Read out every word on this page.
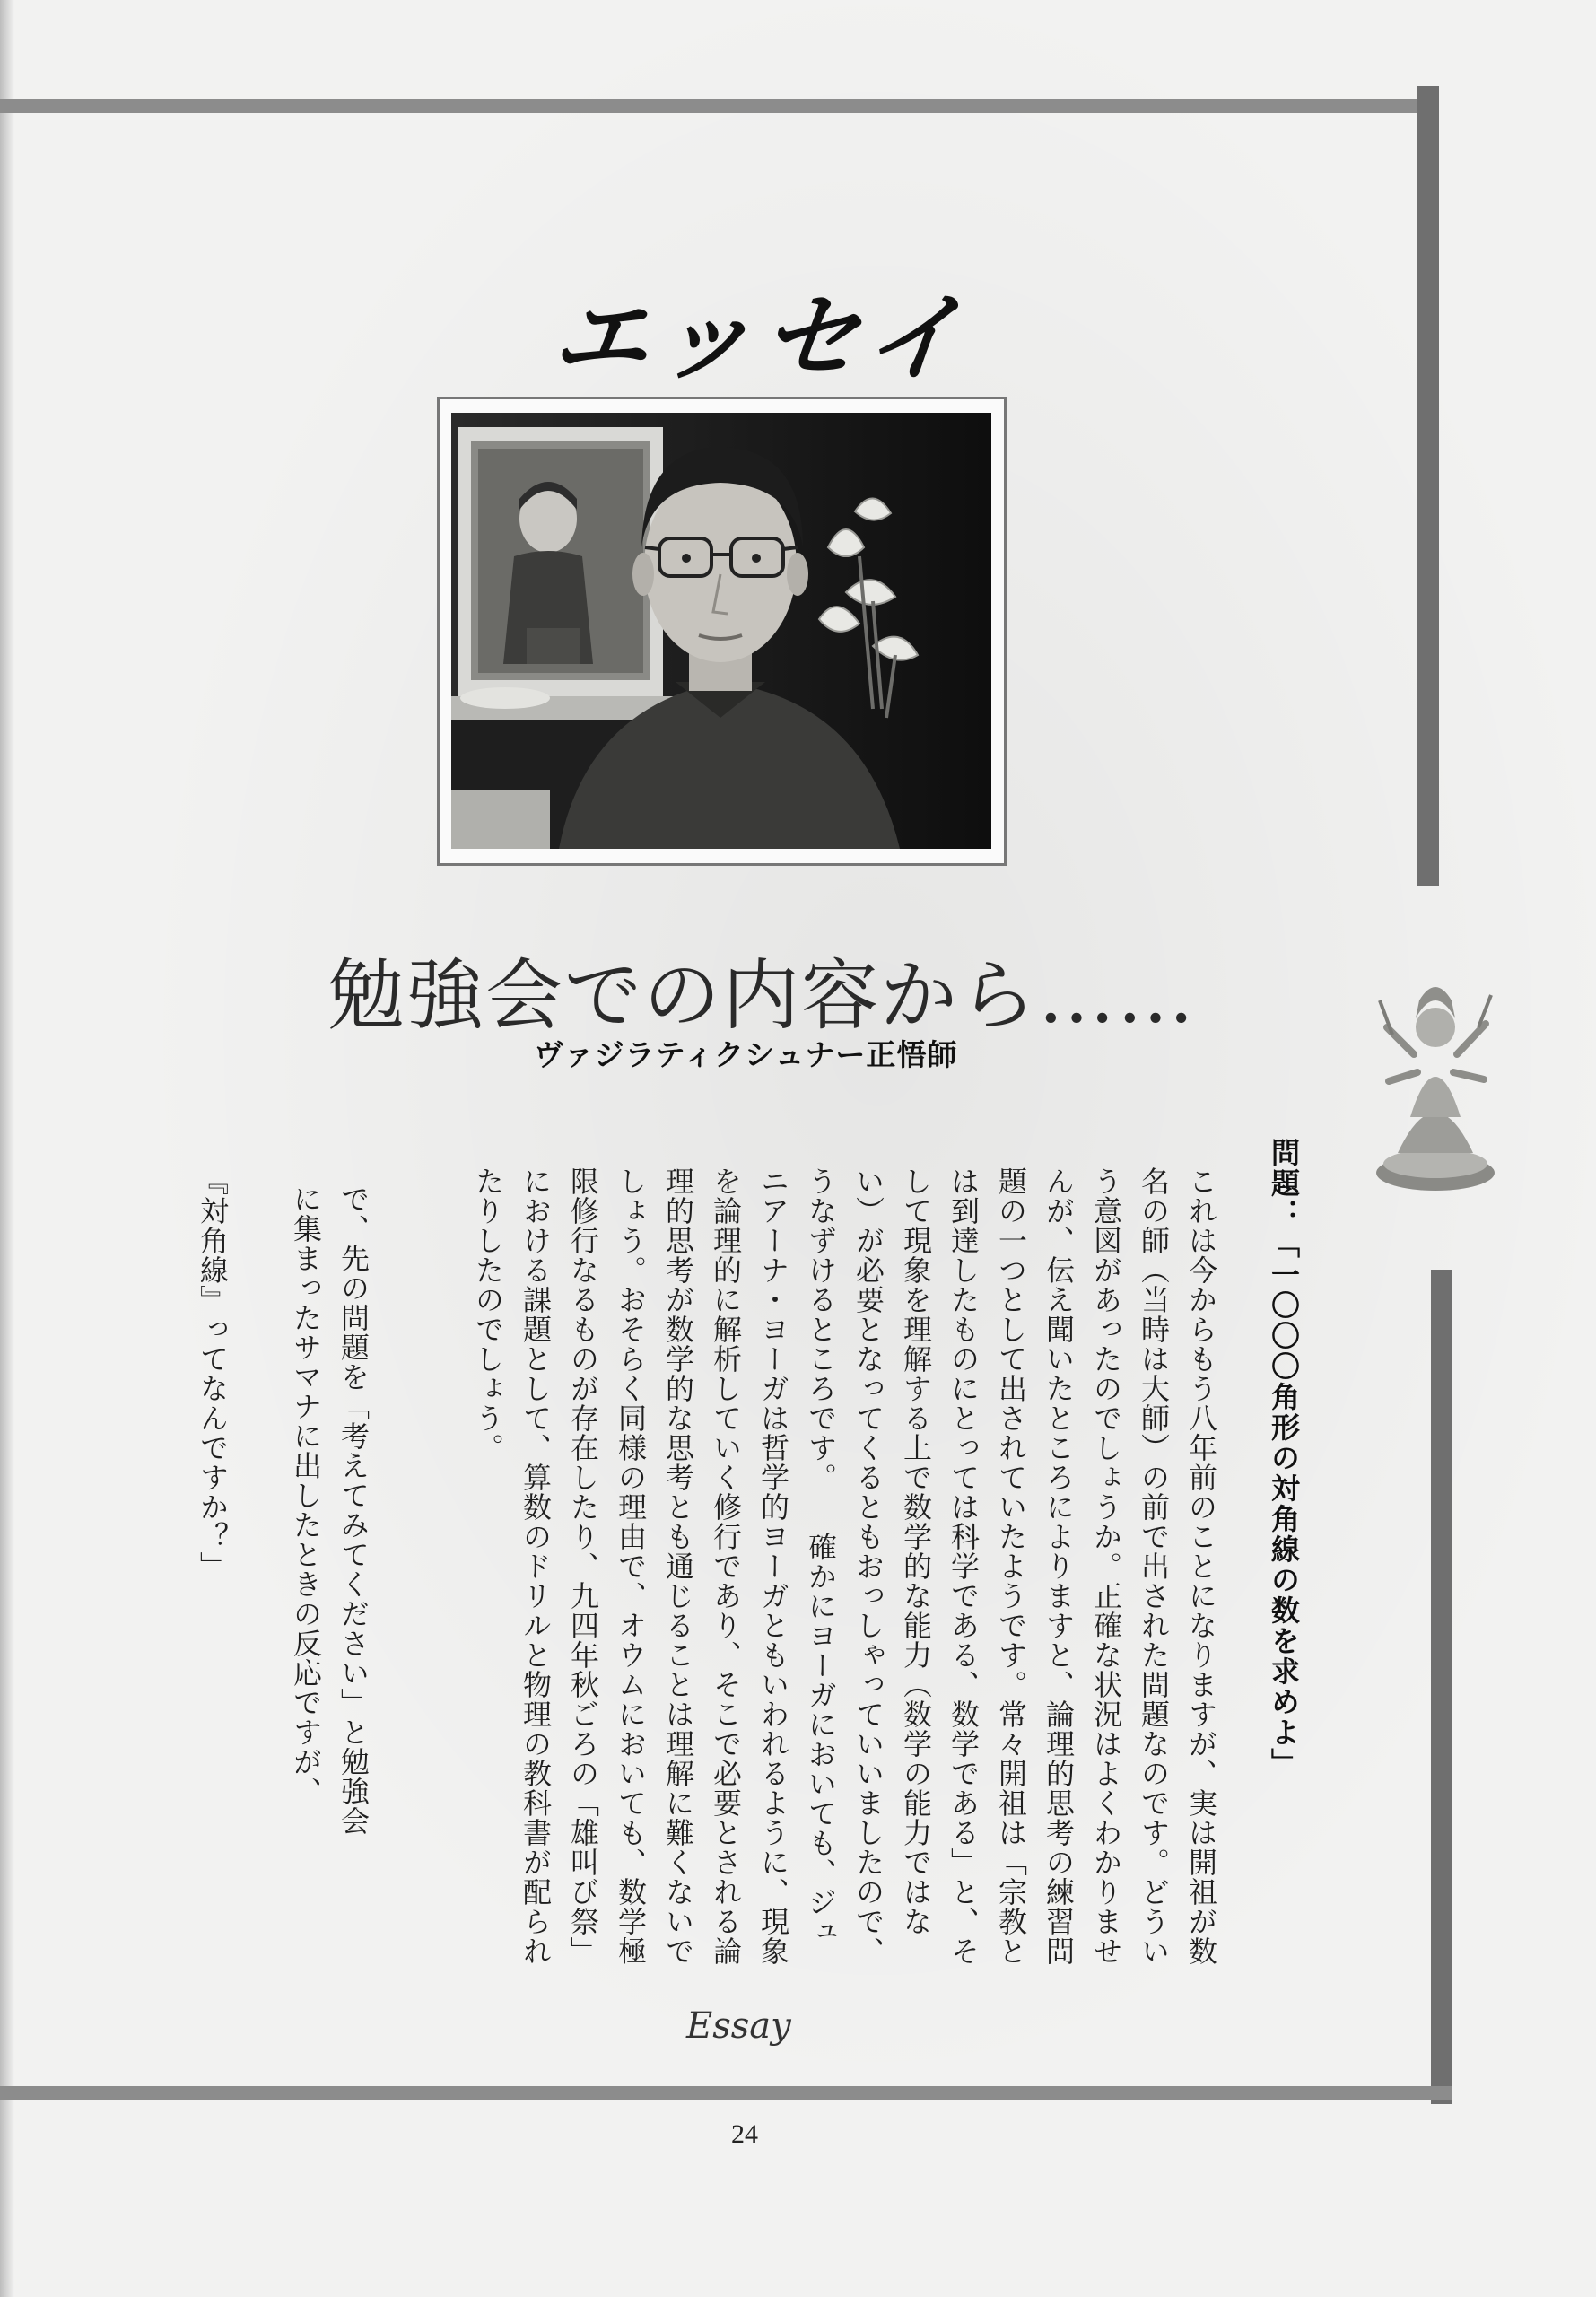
エッセイ
勉強会での内容から……
ヴァジラティクシュナー正悟師
問題：「一〇〇〇角形の対角線の数を求めよ」
これは今からもう八年前のことになりますが、実は開祖が数名の師（当時は大師）の前で出された問題なのです。どういう意図があったのでしょうか。正確な状況はよくわかりませんが、伝え聞いたところによりますと、論理的思考の練習問題の一つとして出されていたようです。常々開祖は「宗教とは到達したものにとっては科学である、数学である」と、そして現象を理解する上で数学的な能力（数学の能力ではない）が必要となってくるともおっしゃっていいましたので、うなずけるところです。 　確かにヨーガにおいても、ジュニアーナ・ヨーガは哲学的ヨーガともいわれるように、現象を論理的に解析していく修行であり、そこで必要とされる論理的思考が数学的な思考とも通じることは理解に難くないでしょう。おそらく同様の理由で、オウムにおいても、数学極限修行なるものが存在したり、九四年秋ごろの「雄叫び祭」における課題として、算数のドリルと物理の教科書が配られたりしたのでしょう。
で、先の問題を「考えてみてください」と勉強会に集まったサマナに出したときの反応ですが、
『対角線』ってなんですか？」
Essay
24
